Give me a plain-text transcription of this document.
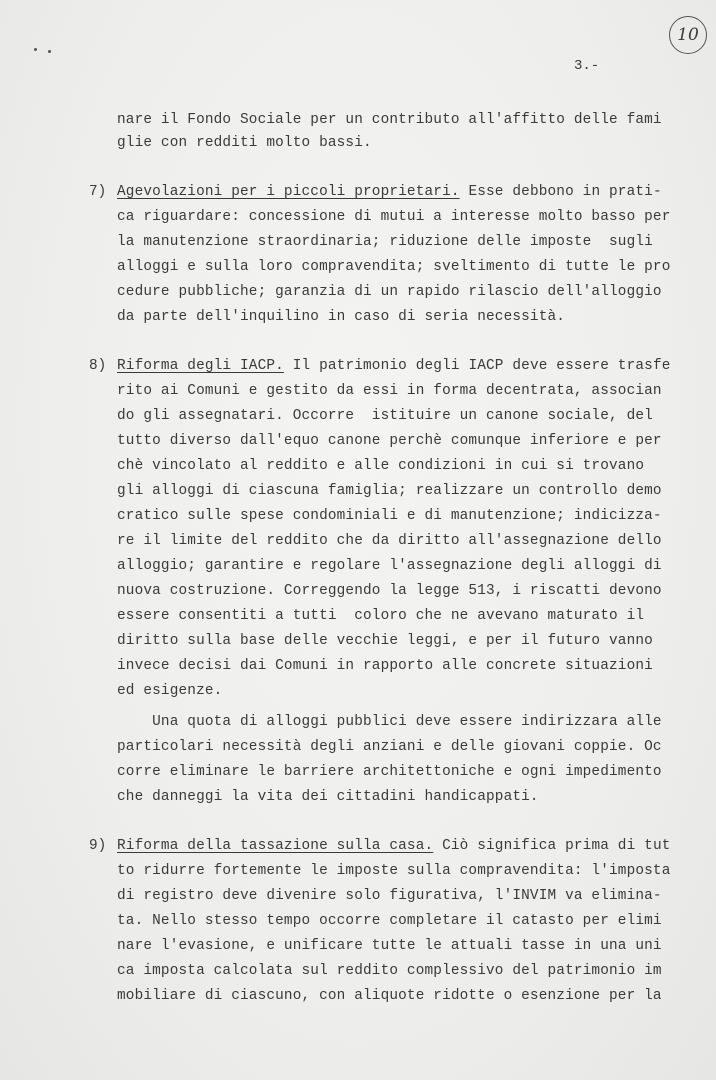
10
3.-
nare il Fondo Sociale per un contributo all'affitto delle fami
glie con redditi molto bassi.
7) Agevolazioni per i piccoli proprietari. Esse debbono in prati-
ca riguardare: concessione di mutui a interesse molto basso per
la manutenzione straordinaria; riduzione delle imposte  sugli
alloggi e sulla loro compravendita; sveltimento di tutte le pro
cedure pubbliche; garanzia di un rapido rilascio dell'alloggio
da parte dell'inquilino in caso di seria necessità.
8) Riforma degli IACP. Il patrimonio degli IACP deve essere trasfe
rito ai Comuni e gestito da essi in forma decentrata, associan
do gli assegnatari. Occorre  istituire un canone sociale, del
tutto diverso dall'equo canone perchè comunque inferiore e per
chè vincolato al reddito e alle condizioni in cui si trovano
gli alloggi di ciascuna famiglia; realizzare un controllo demo
cratico sulle spese condominiali e di manutenzione; indicizza-
re il limite del reddito che da diritto all'assegnazione dello
alloggio; garantire e regolare l'assegnazione degli alloggi di
nuova costruzione. Correggendo la legge 513, i riscatti devono
essere consentiti a tutti  coloro che ne avevano maturato il
diritto sulla base delle vecchie leggi, e per il futuro vanno
invece decisi dai Comuni in rapporto alle concrete situazioni
ed esigenze.
Una quota di alloggi pubblici deve essere indirizzara alle
particolari necessità degli anziani e delle giovani coppie. Oc
corre eliminare le barriere architettoniche e ogni impedimento
che danneggi la vita dei cittadini handicappati.
9) Riforma della tassazione sulla casa. Ciò significa prima di tut
to ridurre fortemente le imposte sulla compravendita: l'imposta
di registro deve divenire solo figurativa, l'INVIM va elimina-
ta. Nello stesso tempo occorre completare il catasto per elimi
nare l'evasione, e unificare tutte le attuali tasse in una uni
ca imposta calcolata sul reddito complessivo del patrimonio im
mobiliare di ciascuno, con aliquote ridotte o esenzione per la
